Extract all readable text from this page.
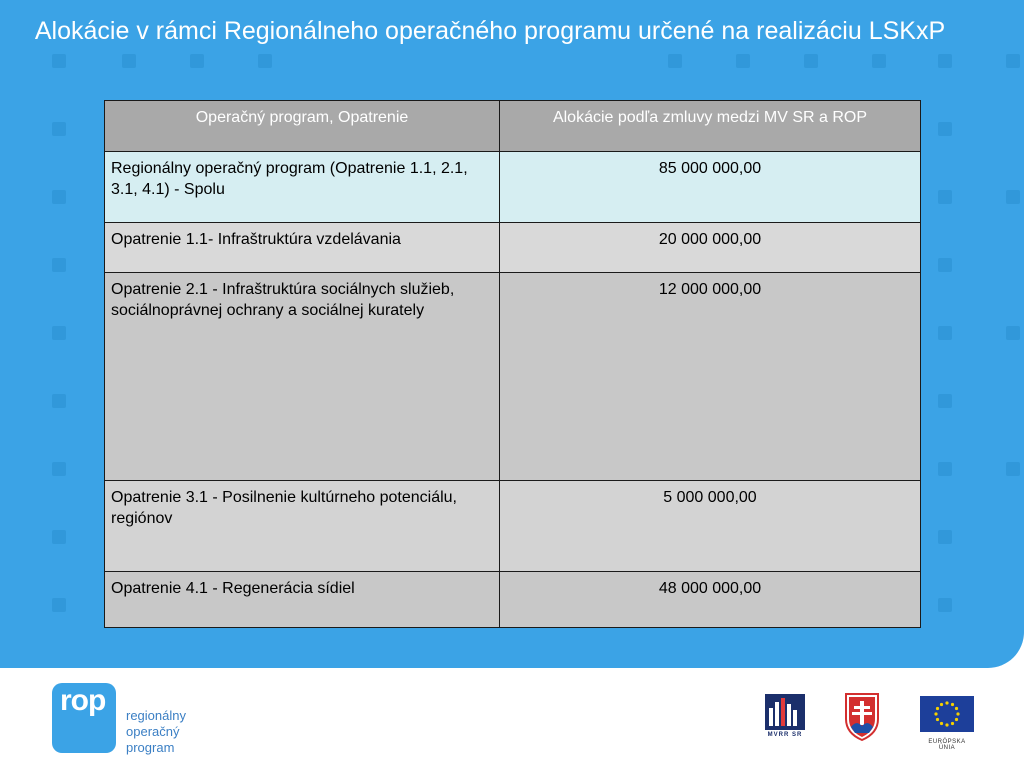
Alokácie v rámci Regionálneho operačného programu určené na realizáciu LSKxP
Operačný program, Opatrenie	Alokácie podľa zmluvy medzi MV SR a ROP
Regionálny operačný program (Opatrenie 1.1, 2.1, 3.1, 4.1) - Spolu	85 000 000,00
Opatrenie 1.1- Infraštruktúra vzdelávania	20 000 000,00
Opatrenie 2.1 - Infraštruktúra sociálnych služieb, sociálnoprávnej ochrany a sociálnej kurately	12 000 000,00
Opatrenie 3.1 - Posilnenie kultúrneho potenciálu, regiónov	5 000 000,00
Opatrenie 4.1 - Regenerácia sídiel	48 000 000,00
rop regionálny
operačný
program
MVRR SR
EURÓPSKA ÚNIA
